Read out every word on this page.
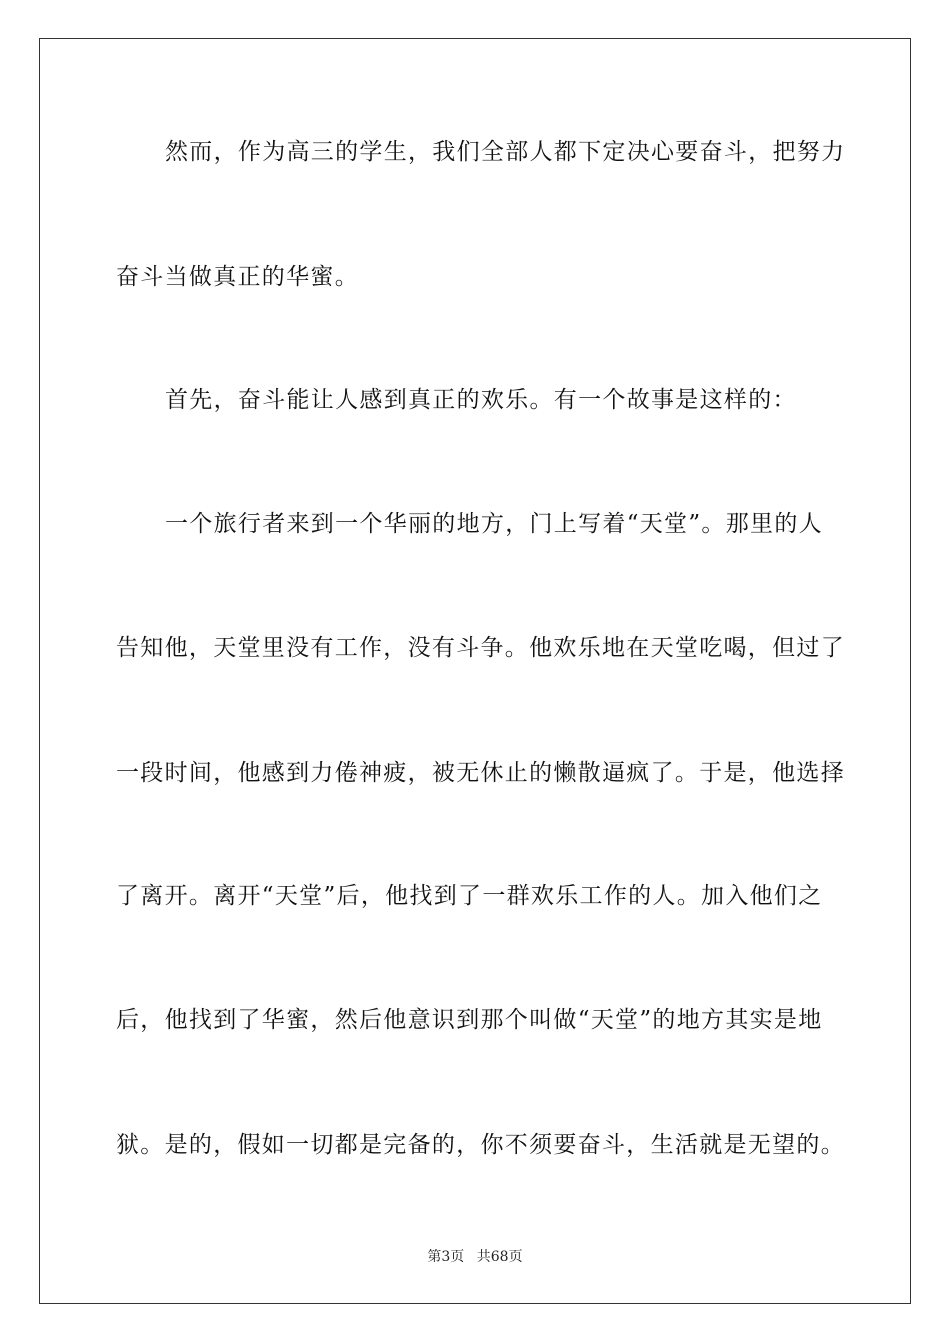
然而，作为高三的学生，我们全部人都下定决心要奋斗，把努力
奋斗当做真正的华蜜。
首先，奋斗能让人感到真正的欢乐。有一个故事是这样的：
一个旅行者来到一个华丽的地方，门上写着“天堂”。那里的人
告知他，天堂里没有工作，没有斗争。他欢乐地在天堂吃喝，但过了
一段时间，他感到力倦神疲，被无休止的懒散逼疯了。于是，他选择
了离开。离开“天堂”后，他找到了一群欢乐工作的人。加入他们之
后，他找到了华蜜，然后他意识到那个叫做“天堂”的地方其实是地
狱。是的，假如一切都是完备的，你不须要奋斗，生活就是无望的。
第3页 共68页
